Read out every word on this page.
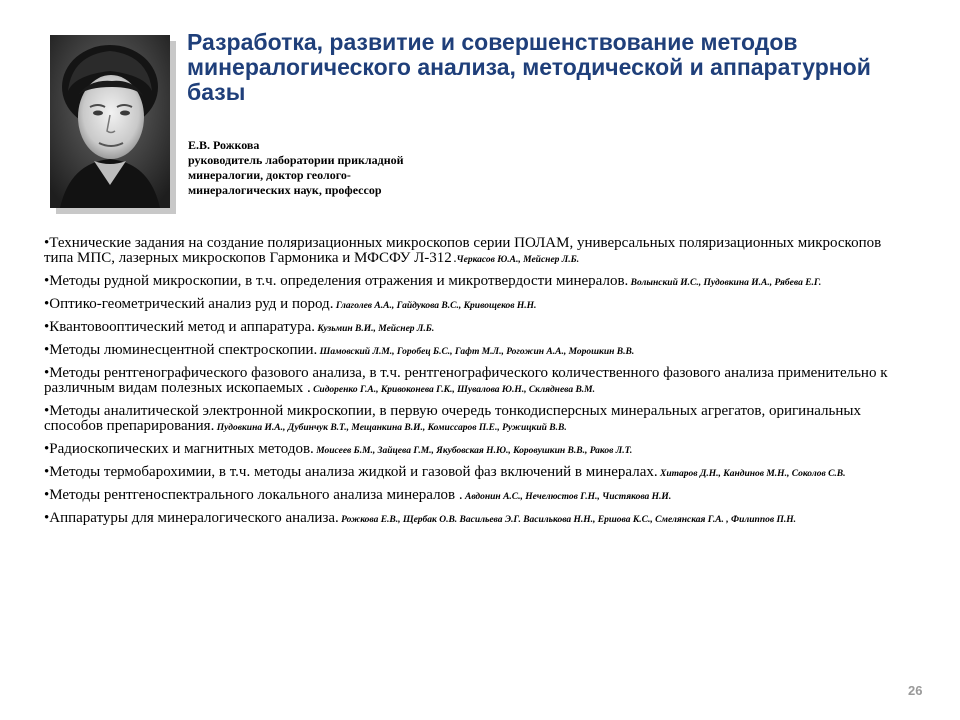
Разработка, развитие и совершенствование методов минералогического анализа, методической и аппаратурной базы
Е.В. Рожкова
руководитель лаборатории прикладной
минералогии, доктор геолого-
минералогических наук, профессор
•Технические задания на создание поляризационных микроскопов серии ПОЛАМ, универсальных поляризационных микроскопов типа МПС, лазерных микроскопов Гармоника и МФСФУ Л-312 .Черкасов Ю.А., Мейснер Л.Б.
•Методы рудной микроскопии, в т.ч. определения отражения и микротвердости минералов. Волынский И.С., Пудовкина И.А., Рябева Е.Г.
•Оптико-геометрический анализ руд и пород. Глаголев А.А., Гайдукова В.С., Кривощеков Н.Н.
•Квантовооптический метод и аппаратура. Кузьмин В.И., Мейснер Л.Б.
•Методы люминесцентной спектроскопии. Шамовский Л.М., Горобец Б.С., Гафт М.Л., Рогожин А.А., Морошкин В.В.
•Методы рентгенографического фазового анализа, в т.ч. рентгенографического количественного фазового анализа применительно к различным видам полезных ископаемых . Сидоренко Г.А., Кривоконева Г.К., Шувалова Ю.Н., Скляднева В.М.
•Методы аналитической электронной микроскопии, в первую очередь тонкодисперсных минеральных агрегатов, оригинальных способов препарирования. Пудовкина И.А., Дубинчук В.Т., Мещанкина В.И., Комиссаров П.Е., Ружицкий В.В.
•Радиоскопических и магнитных методов. Моисеев Б.М., Зайцева Г.М., Якубовская Н.Ю., Коровушкин В.В., Раков Л.Т.
•Методы термобарохимии, в т.ч. методы анализа жидкой и газовой фаз включений в минералах. Хитаров Д.Н., Кандинов М.Н., Соколов С.В.
•Методы рентгеноспектрального локального анализа минералов . Авдонин А.С., Нечелюстов Г.Н., Чистякова Н.И.
•Аппаратуры для минералогического анализа. Рожкова Е.В., Щербак О.В. Васильева Э.Г. Василькова Н.Н., Ершова К.С., Смелянская Г.А. , Филиппов П.Н.
26
